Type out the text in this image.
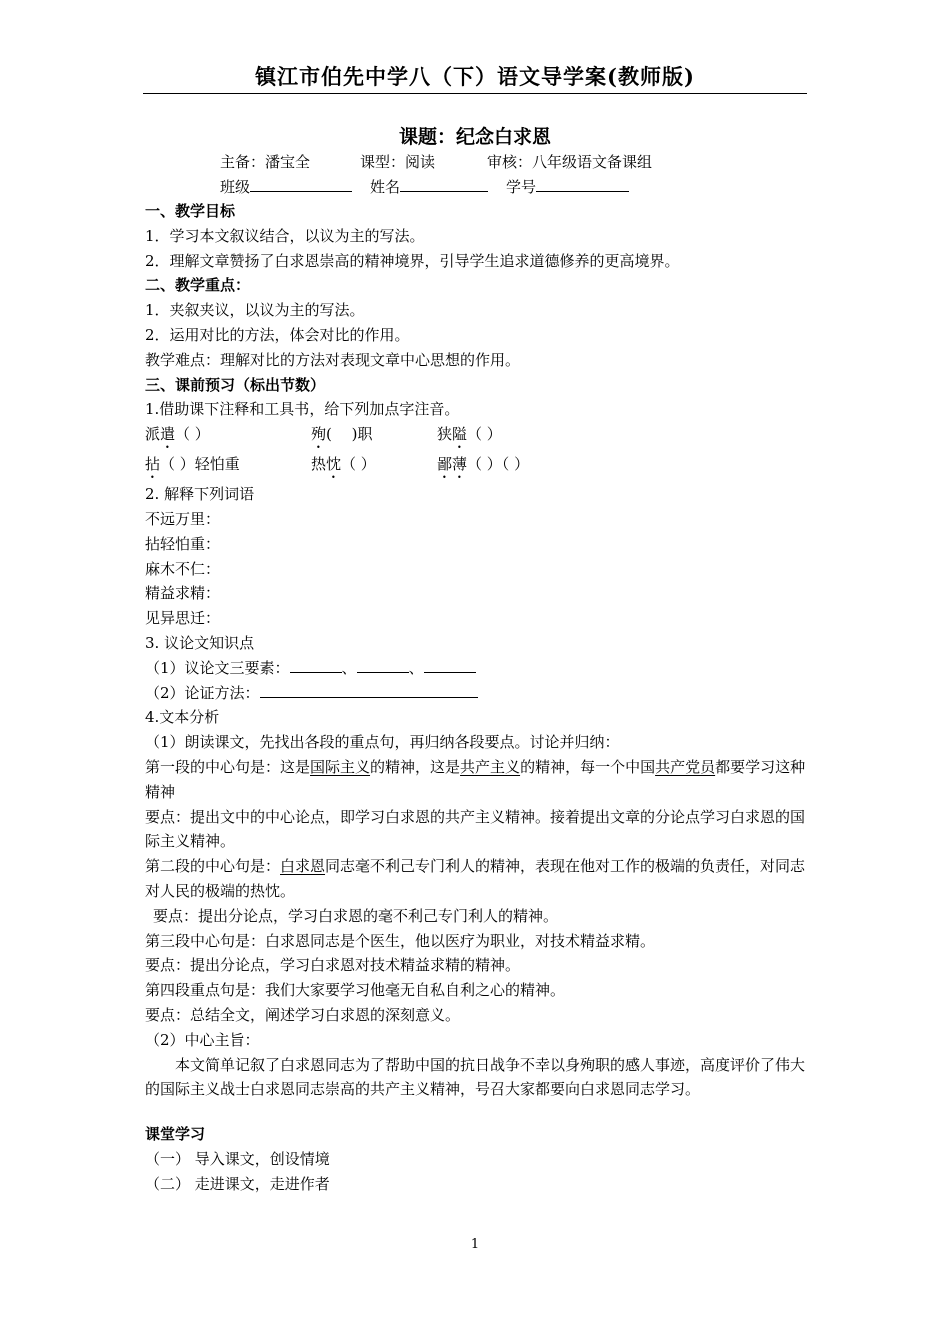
镇江市伯先中学八（下）语文导学案(教师版)
课题：纪念白求恩
主备：潘宝全	课型：阅读	审核：八年级语文备课组
班级	姓名	学号

一、教学目标

1．学习本文叙议结合，以议为主的写法。

2．理解文章赞扬了白求恩崇高的精神境界，引导学生追求道德修养的更高境界。

二、教学重点：

1．夹叙夹议，以议为主的写法。

2．运用对比的方法，体会对比的作用。

教学难点：理解对比的方法对表现文章中心思想的作用。

三、课前预习（标出节数）

1.借助课下注释和工具书，给下列加点字注音。

派遣（ ）	殉(　 )职	狭隘（ ）
拈（ ）轻怕重	热忱（ ）	鄙薄（ ）（ ）

2. 解释下列词语

不远万里：

拈轻怕重：

麻木不仁：

精益求精：

见异思迁：

3. 议论文知识点

（1）议论文三要素：	、	、

（2）论证方法：

4.文本分析

（1）朗读课文，先找出各段的重点句，再归纳各段要点。讨论并归纳：

第一段的中心句是：这是国际主义的精神，这是共产主义的精神，每一个中国共产党员都要学习这种精神

要点：提出文中的中心论点，即学习白求恩的共产主义精神。接着提出文章的分论点学习白求恩的国际主义精神。

第二段的中心句是：白求恩同志毫不利己专门利人的精神，表现在他对工作的极端的负责任，对同志对人民的极端的热忱。

要点：提出分论点，学习白求恩的毫不利己专门利人的精神。

第三段中心句是：白求恩同志是个医生，他以医疗为职业，对技术精益求精。

要点：提出分论点，学习白求恩对技术精益求精的精神。

第四段重点句是：我们大家要学习他毫无自私自利之心的精神。

要点：总结全文，阐述学习白求恩的深刻意义。

（2）中心主旨：

本文简单记叙了白求恩同志为了帮助中国的抗日战争不幸以身殉职的感人事迹，高度评价了伟大的国际主义战士白求恩同志崇高的共产主义精神，号召大家都要向白求恩同志学习。

课堂学习

（一） 导入课文，创设情境

（二） 走进课文，走进作者

1
